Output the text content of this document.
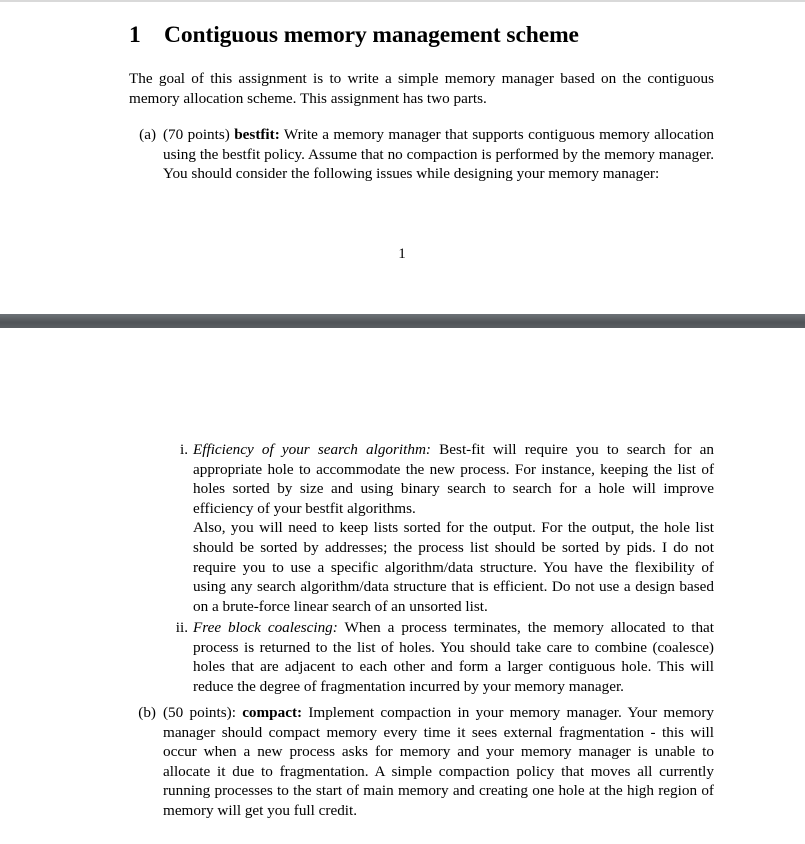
1 Contiguous memory management scheme

The goal of this assignment is to write a simple memory manager based on the contiguous memory allocation scheme. This assignment has two parts.

(a) (70 points) bestfit: Write a memory manager that supports contiguous memory allocation using the bestfit policy. Assume that no compaction is performed by the memory manager. You should consider the following issues while designing your memory manager:
1
i. Efficiency of your search algorithm: Best-fit will require you to search for an appropriate hole to accommodate the new process. For instance, keeping the list of holes sorted by size and using binary search to search for a hole will improve efficiency of your bestfit algorithms.
Also, you will need to keep lists sorted for the output. For the output, the hole list should be sorted by addresses; the process list should be sorted by pids. I do not require you to use a specific algorithm/data structure. You have the flexibility of using any search algorithm/data structure that is efficient. Do not use a design based on a brute-force linear search of an unsorted list.
ii. Free block coalescing: When a process terminates, the memory allocated to that process is returned to the list of holes. You should take care to combine (coalesce) holes that are adjacent to each other and form a larger contiguous hole. This will reduce the degree of fragmentation incurred by your memory manager.
(b) (50 points): compact: Implement compaction in your memory manager. Your memory manager should compact memory every time it sees external fragmentation - this will occur when a new process asks for memory and your memory manager is unable to allocate it due to fragmentation. A simple compaction policy that moves all currently running processes to the start of main memory and creating one hole at the high region of memory will get you full credit.
